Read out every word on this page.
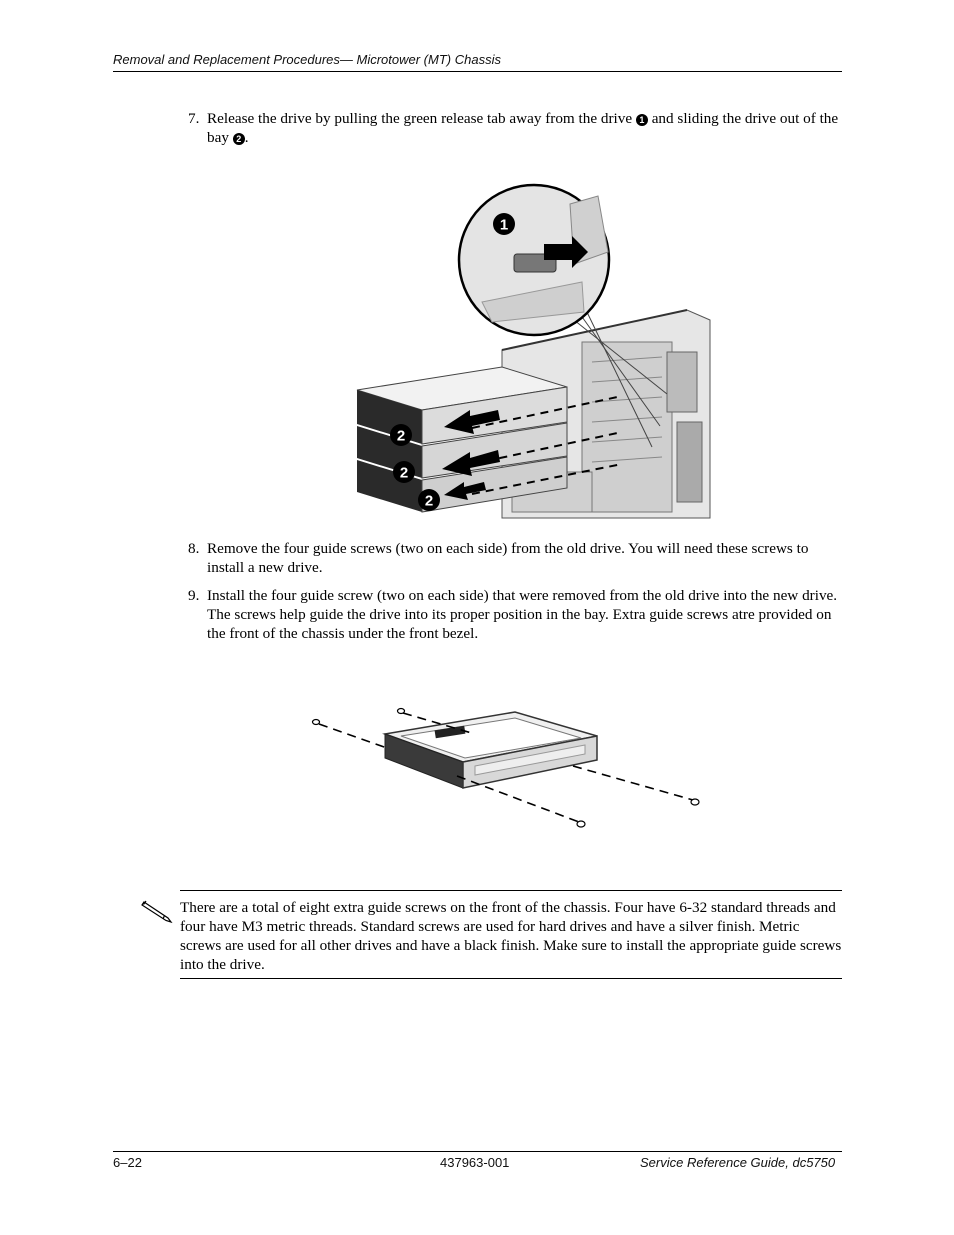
Removal and Replacement Procedures— Microtower (MT) Chassis
7. Release the drive by pulling the green release tab away from the drive 1 and sliding the drive out of the bay 2 .
1
2
2
2
8. Remove the four guide screws (two on each side) from the old drive. You will need these screws to install a new drive.
9. Install the four guide screw (two on each side) that were removed from the old drive into the new drive. The screws help guide the drive into its proper position in the bay. Extra guide screws atre provided on the front of the chassis under the front bezel.
There are a total of eight extra guide screws on the front of the chassis. Four have 6-32 standard threads and four have M3 metric threads. Standard screws are used for hard drives and have a silver finish. Metric screws are used for all other drives and have a black finish. Make sure to install the appropriate guide screws into the drive.
6–22	437963-001	Service Reference Guide, dc5750
